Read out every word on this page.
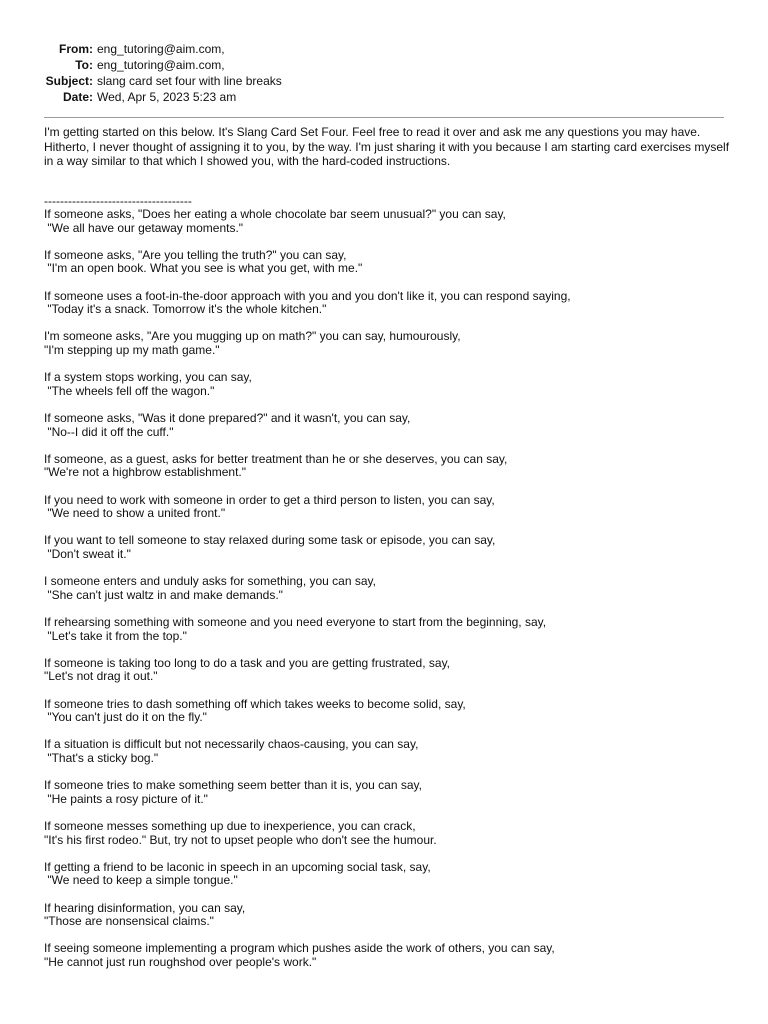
From: eng_tutoring@aim.com,
To: eng_tutoring@aim.com,
Subject: slang card set four with line breaks
Date: Wed, Apr 5, 2023 5:23 am
I'm getting started on this below. It's Slang Card Set Four. Feel free to read it over and ask me any questions you may have. Hitherto, I never thought of assigning it to you, by the way. I'm just sharing it with you because I am starting card exercises myself in a way similar to that which I showed you, with the hard-coded instructions.
-------------------------------------
If someone asks, "Does her eating a whole chocolate bar seem unusual?" you can say,
"We all have our getaway moments."
If someone asks, "Are you telling the truth?" you can say,
"I'm an open book. What you see is what you get, with me."
If someone uses a foot-in-the-door approach with you and you don't like it, you can respond saying,
"Today it's a snack. Tomorrow it's the whole kitchen."
I'm someone asks, "Are you mugging up on math?" you can say, humourously,
"I'm stepping up my math game."
If a system stops working, you can say,
"The wheels fell off the wagon."
If someone asks, "Was it done prepared?" and it wasn't, you can say,
"No--I did it off the cuff."
If someone, as a guest, asks for better treatment than he or she deserves, you can say,
"We're not a highbrow establishment."
If you need to work with someone in order to get a third person to listen, you can say,
"We need to show a united front."
If you want to tell someone to stay relaxed during some task or episode, you can say,
"Don't sweat it."
I someone enters and unduly asks for something, you can say,
"She can't just waltz in and make demands."
If rehearsing something with someone and you need everyone to start from the beginning, say,
"Let's take it from the top."
If someone is taking too long to do a task and you are getting frustrated, say,
"Let's not drag it out."
If someone tries to dash something off which takes weeks to become solid, say,
"You can't just do it on the fly."
If a situation is difficult but not necessarily chaos-causing, you can say,
"That's a sticky bog."
If someone tries to make something seem better than it is, you can say,
"He paints a rosy picture of it."
If someone messes something up due to inexperience, you can crack,
"It's his first rodeo." But, try not to upset people who don't see the humour.
If getting a friend to be laconic in speech in an upcoming social task, say,
"We need to keep a simple tongue."
If hearing disinformation, you can say,
"Those are nonsensical claims."
If seeing someone implementing a program which pushes aside the work of others, you can say,
"He cannot just run roughshod over people's work."
